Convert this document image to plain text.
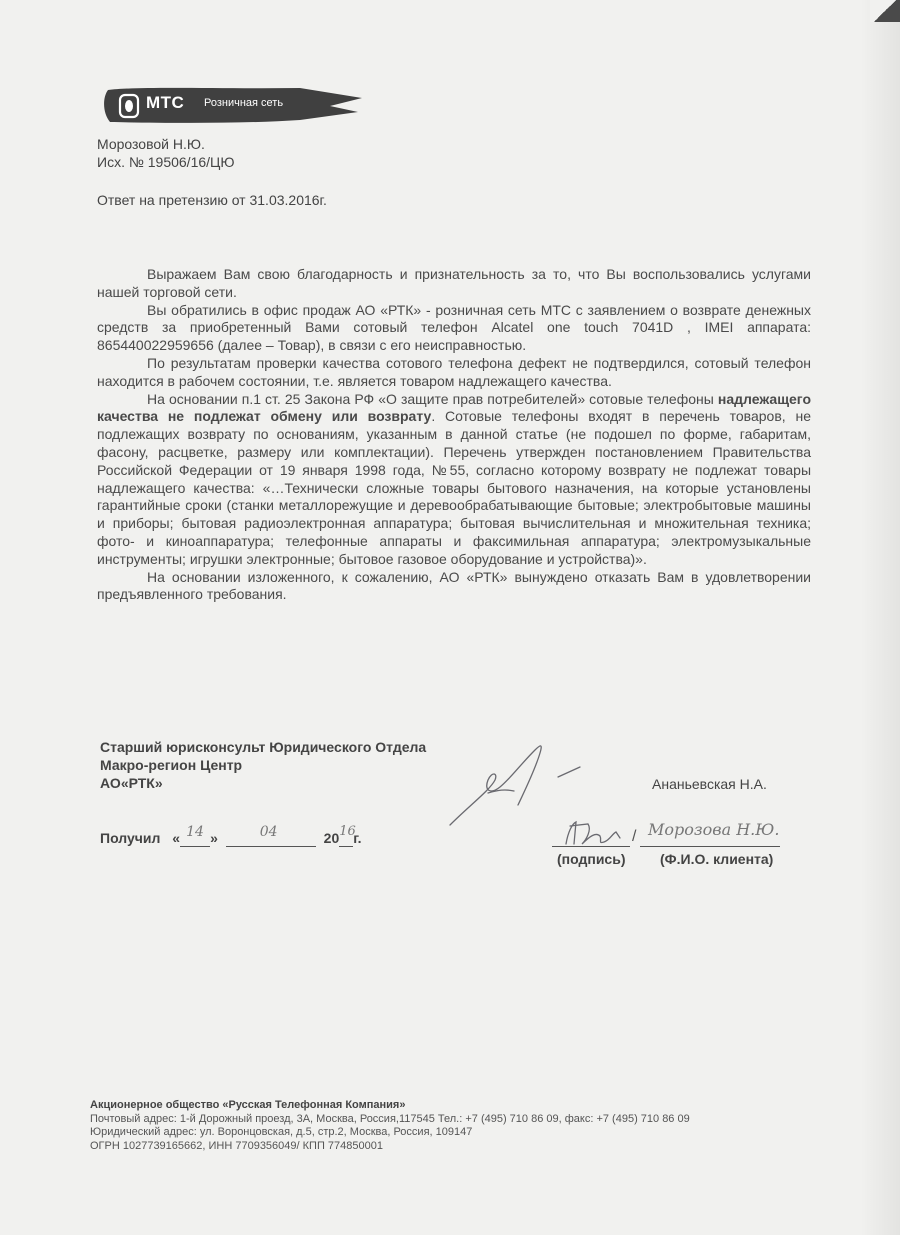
МТС Розничная сеть
Морозовой Н.Ю.
Исх. № 19506/16/ЦЮ
Ответ на претензию от 31.03.2016г.

Выражаем Вам свою благодарность и признательность за то, что Вы воспользовались услугами нашей торговой сети.

Вы обратились в офис продаж АО «РТК» - розничная сеть МТС с заявлением о возврате денежных средств за приобретенный Вами сотовый телефон Alcatel one touch 7041D , IMEI аппарата: 865440022959656 (далее – Товар), в связи с его неисправностью.

По результатам проверки качества сотового телефона дефект не подтвердился, сотовый телефон находится в рабочем состоянии, т.е. является товаром надлежащего качества.

На основании п.1 ст. 25 Закона РФ «О защите прав потребителей» сотовые телефоны надлежащего качества не подлежат обмену или возврату. Сотовые телефоны входят в перечень товаров, не подлежащих возврату по основаниям, указанным в данной статье (не подошел по форме, габаритам, фасону, расцветке, размеру или комплектации). Перечень утвержден постановлением Правительства Российской Федерации от 19 января 1998 года, №55, согласно которому возврату не подлежат товары надлежащего качества: «…Технически сложные товары бытового назначения, на которые установлены гарантийные сроки (станки металлорежущие и деревообрабатывающие бытовые; электробытовые машины и приборы; бытовая радиоэлектронная аппаратура; бытовая вычислительная и множительная техника; фото- и киноаппаратура; телефонные аппараты и факсимильная аппаратура; электромузыкальные инструменты; игрушки электронные; бытовое газовое оборудование и устройства)».

На основании изложенного, к сожалению, АО «РТК» вынуждено отказать Вам в удовлетворении предъявленного требования.

Старший юрисконсульт Юридического Отдела
Макро-регион Центр
АО«РТК»	Ананьевская Н.А.
Получил « 14 »	04	20 16
г.	/ Морозова Н.Ю.
(подпись) (Ф.И.О. клиента)
Акционерное общество «Русская Телефонная Компания»
Почтовый адрес: 1-й Дорожный проезд, 3А, Москва, Россия,117545 Тел.: +7 (495) 710 86 09, факс: +7 (495) 710 86 09
Юридический адрес: ул. Воронцовская, д.5, стр.2, Москва, Россия, 109147
ОГРН 1027739165662, ИНН 7709356049/ КПП 774850001
